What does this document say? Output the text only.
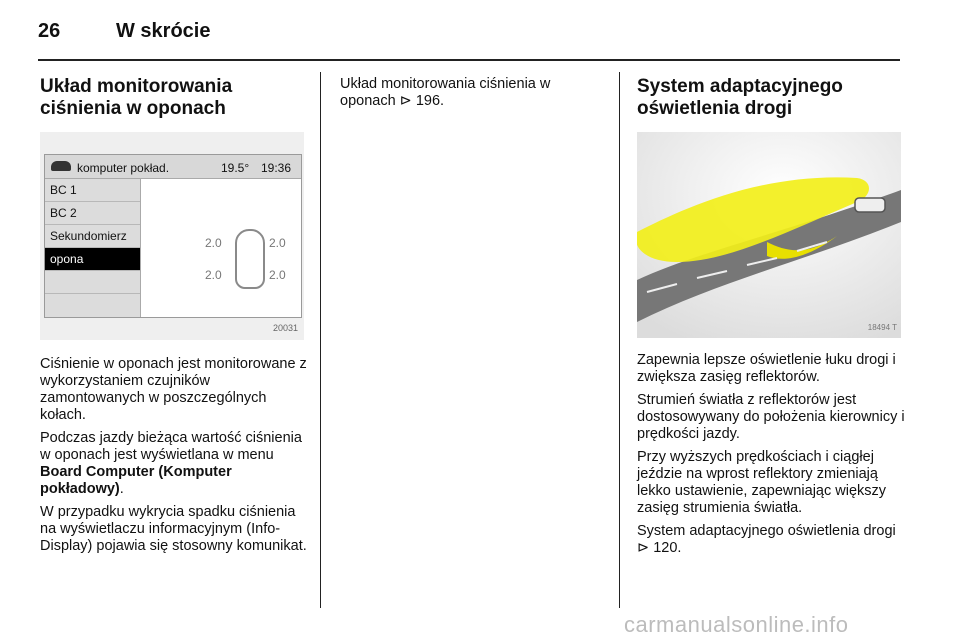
26	W skrócie
Układ monitorowania ciśnienia w oponach
komputer pokład.	19.5° 19:36
BC 1
BC 2
Sekundomierz
opona
2.0	2.0
2.0	2.0
20031

Ciśnienie w oponach jest monitorowane z wykorzystaniem czujników zamontowanych w poszczególnych kołach.

Podczas jazdy bieżąca wartość ciśnienia w oponach jest wyświetlana w menu Board Computer (Komputer pokładowy).

W przypadku wykrycia spadku ciśnienia na wyświetlaczu informacyjnym (Info-Display) pojawia się stosowny komunikat.

Układ monitorowania ciśnienia w oponach ⊳ 196.

System adaptacyjnego oświetlenia drogi
18494 T

Zapewnia lepsze oświetlenie łuku drogi i zwiększa zasięg reflektorów.

Strumień światła z reflektorów jest dostosowywany do położenia kierownicy i prędkości jazdy.

Przy wyższych prędkościach i ciągłej jeździe na wprost reflektory zmieniają lekko ustawienie, zapewniając większy zasięg strumienia światła.

System adaptacyjnego oświetlenia drogi ⊳ 120.

carmanualsonline.info
